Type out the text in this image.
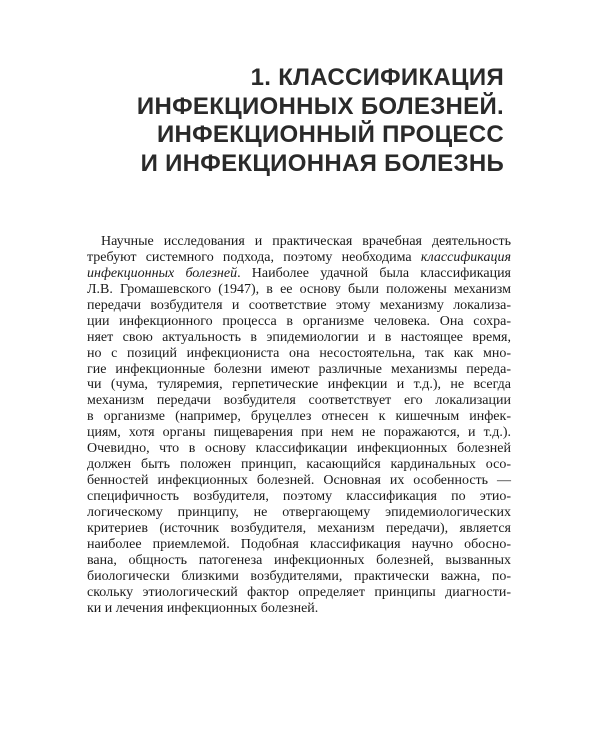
1. КЛАССИФИКАЦИЯ
ИНФЕКЦИОННЫХ БОЛЕЗНЕЙ.
ИНФЕКЦИОННЫЙ ПРОЦЕСС
И ИНФЕКЦИОННАЯ БОЛЕЗНЬ
Научные исследования и практическая врачебная деятельность
требуют системного подхода, поэтому необходима классификация
инфекционных болезней. Наиболее удачной была классификация
Л.В. Громашевского (1947), в ее основу были положены механизм
передачи возбудителя и соответствие этому механизму локализа-
ции инфекционного процесса в организме человека. Она сохра-
няет свою актуальность в эпидемиологии и в настоящее время,
но с позиций инфекциониста она несостоятельна, так как мно-
гие инфекционные болезни имеют различные механизмы переда-
чи (чума, туляремия, герпетические инфекции и т.д.), не всегда
механизм передачи возбудителя соответствует его локализации
в организме (например, бруцеллез отнесен к кишечным инфек-
циям, хотя органы пищеварения при нем не поражаются, и т.д.).
Очевидно, что в основу классификации инфекционных болезней
должен быть положен принцип, касающийся кардинальных осо-
бенностей инфекционных болезней. Основная их особенность —
специфичность возбудителя, поэтому классификация по этио-
логическому принципу, не отвергающему эпидемиологических
критериев (источник возбудителя, механизм передачи), является
наиболее приемлемой. Подобная классификация научно обосно-
вана, общность патогенеза инфекционных болезней, вызванных
биологически близкими возбудителями, практически важна, по-
скольку этиологический фактор определяет принципы диагности-
ки и лечения инфекционных болезней.
